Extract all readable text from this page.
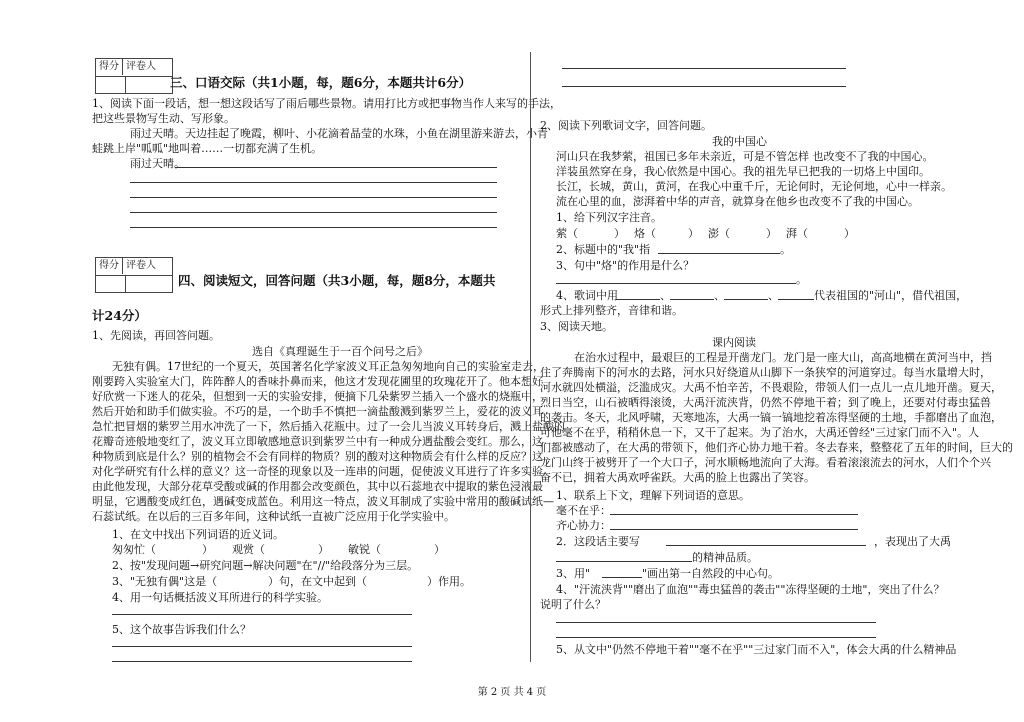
得分 评卷人
三、口语交际（共1小题，每，题6分，本题共计6分）
1、阅读下面一段话，想一想这段话写了雨后哪些景物。请用打比方或把事物当作人来写的手法，
把这些景物写生动、写形象。
雨过天晴。天边挂起了晚霞，柳叶、小花滴着晶莹的水珠，小鱼在湖里游来游去，小青
蛙跳上岸"呱呱"地叫着……一切都充满了生机。
雨过天晴。
得分 评卷人
四、阅读短文，回答问题（共3小题，每，题8分，本题共
计24分）
1、先阅读，再回答问题。
选自《真理诞生于一百个问号之后》
无独有偶。17世纪的一个夏天，英国著名化学家波义耳正急匆匆地向自己的实验室走去，
刚要跨入实验室大门，阵阵醉人的香味扑鼻而来，他这才发现花圃里的玫瑰花开了。他本想好
好欣赏一下迷人的花朵，但想到一天的实验安排，便摘下几朵紫罗兰插入一个盛水的烧瓶中，
然后开始和助手们做实验。不巧的是，一个助手不慎把一滴盐酸溅到紫罗兰上，爱花的波义耳
急忙把冒烟的紫罗兰用水冲洗了一下，然后插入花瓶中。过了一会儿当波义耳转身后，溅上盐酸的
花瓣奇迹般地变红了，波义耳立即敏感地意识到紫罗兰中有一种成分遇盐酸会变红。那么，这
种物质到底是什么？别的植物会不会有同样的物质？别的酸对这种物质会有什么样的反应？这
对化学研究有什么样的意义？这一奇怪的现象以及一连串的问题，促使波义耳进行了许多实验。
由此他发现，大部分花草受酸或碱的作用都会改变颜色，其中以石蕊地衣中提取的紫色浸液最
明显，它遇酸变成红色，遇碱变成蓝色。利用这一特点，波义耳制成了实验中常用的酸碱试纸—
石蕊试纸。在以后的三百多年间，这种试纸一直被广泛应用于化学实验中。
1、在文中找出下列词语的近义词。
匆匆忙（	） 观赏（	） 敏锐（	）
2、按"发现问题→研究问题→解决问题"在"//"给段落分为三层。
3、"无独有偶"这是（	）句，在文中起到（	）作用。
4、用一句话概括波义耳所进行的科学实验。
5、这个故事告诉我们什么？
2、阅读下列歌词文字，回答问题。
我的中国心
河山只在我梦萦，祖国已多年未亲近，可是不管怎样 也改变不了我的中国心。
洋装虽然穿在身，我心依然是中国心。我的祖先早已把我的一切烙上中国印。
长江，长城，黄山，黄河，在我心中重千斤，无论何时，无论何地，心中一样亲。
流在心里的血，澎湃着中华的声音，就算身在他乡也改变不了我的中国心。
1、给下列汉字注音。
萦（	） 烙（	） 澎（	） 湃（	）
2、标题中的"我"指	。
3、句中"烙"的作用是什么？
。
4、歌词中用	、	、	、	代表祖国的"河山"，借代祖国，
形式上排列整齐，音律和谐。
3、阅读天地。
课内阅读
在治水过程中，最艰巨的工程是开凿龙门。龙门是一座大山，高高地横在黄河当中，挡
住了奔腾南下的河水的去路，河水只好绕道从山脚下一条狭窄的河道穿过。每当水量增大时，
河水就四处横溢，泛滥成灾。大禹不怕辛苦，不畏艰险，带领人们一点儿一点儿地开凿。夏天，
烈日当空，山石被晒得滚烫，大禹汗流浃背，仍然不停地干着；到了晚上，还要对付毒虫猛兽
的袭击。冬天，北风呼啸，天寒地冻，大禹一镐一镐地挖着冻得坚硬的土地，手都磨出了血泡，
可他毫不在乎，稍稍休息一下，又干了起来。为了治水，大禹还曾经"三过家门而不入"。人
们都被感动了，在大禹的带领下，他们齐心协力地干着。冬去春来，整整花了五年的时间，巨大的
龙门山终于被劈开了一个大口子，河水顺畅地流向了大海。看着滚滚流去的河水，人们个个兴
奋不已，拥着大禹欢呼雀跃。大禹的脸上也露出了笑容。
1、联系上下文，理解下列词语的意思。
毫不在乎：
齐心协力：
2．这段话主要写	，表现出了大禹
的精神品质。
3、用"	"画出第一自然段的中心句。
4、"汗流浃背""磨出了血泡""毒虫猛兽的袭击""冻得坚硬的土地"，突出了什么？
说明了什么？
5、从文中"仍然不停地干着""毫不在乎""三过家门而不入"，体会大禹的什么精神品
第 2 页 共 4 页
